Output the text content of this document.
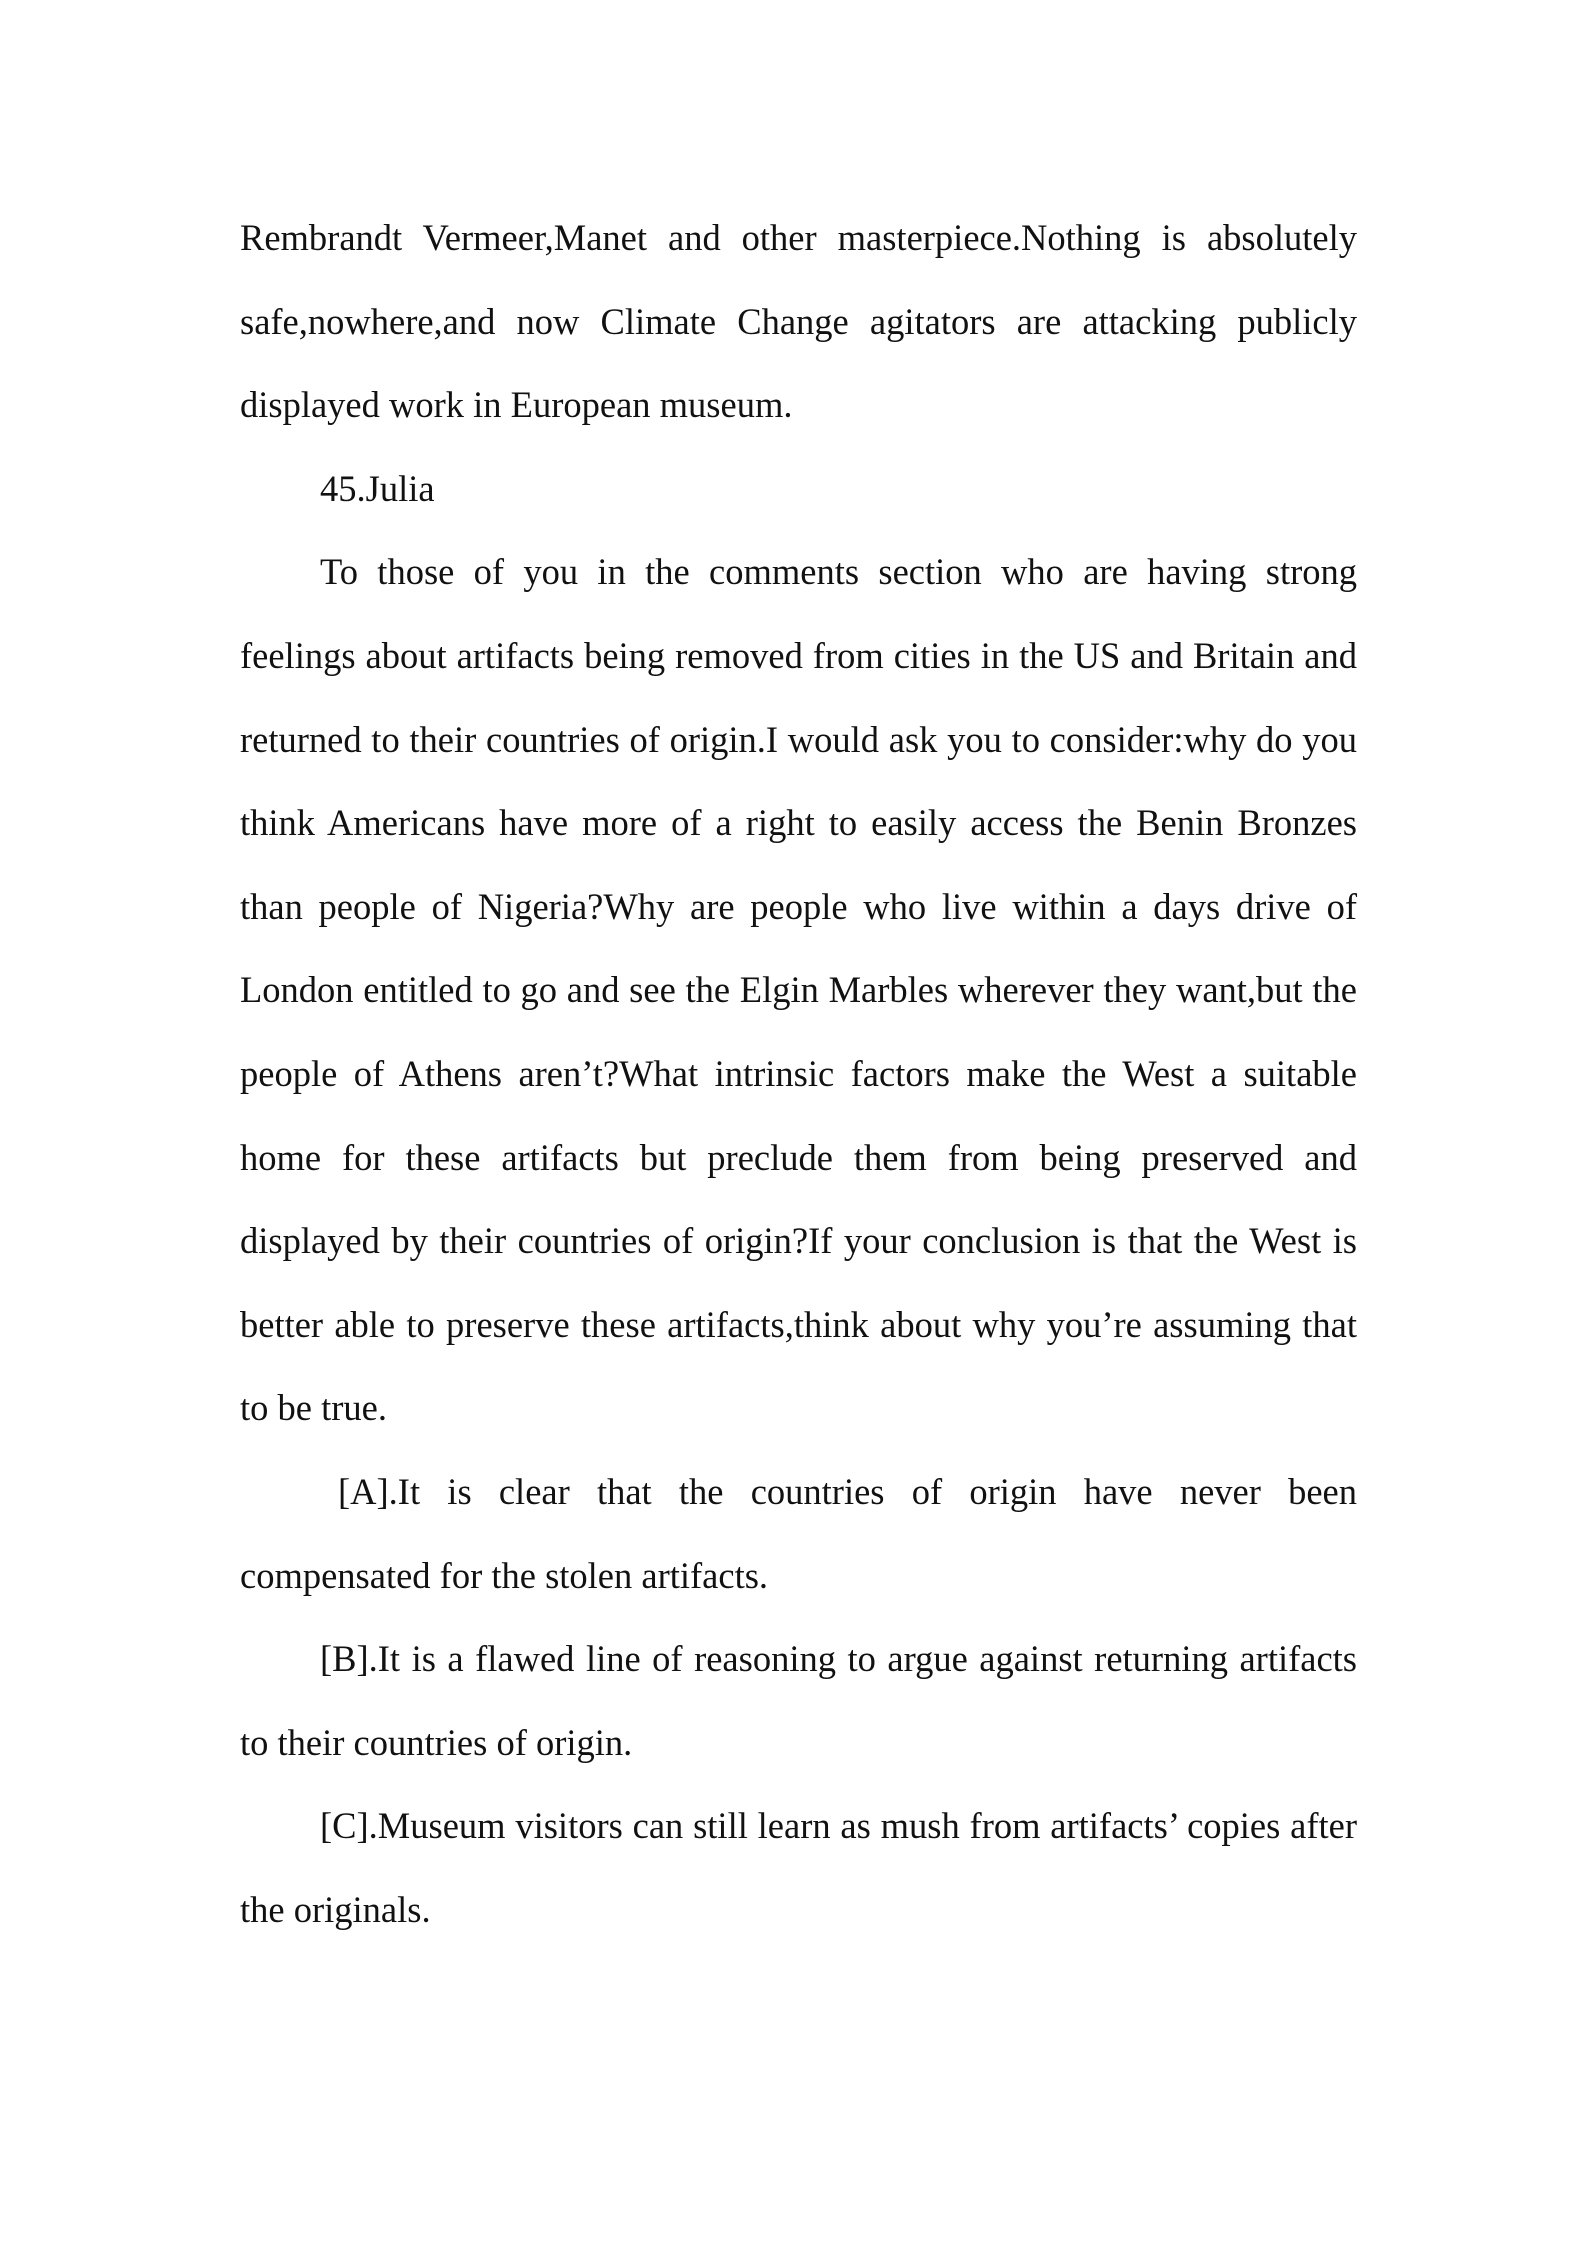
Rembrandt Vermeer,Manet and other masterpiece.Nothing is absolutely safe,nowhere,and now Climate Change agitators are attacking publicly displayed work in European museum.

45.Julia

To those of you in the comments section who are having strong feelings about artifacts being removed from cities in the US and Britain and returned to their countries of origin.I would ask you to consider:why do you think Americans have more of a right to easily access the Benin Bronzes than people of Nigeria?Why are people who live within a days drive of London entitled to go and see the Elgin Marbles wherever they want,but the people of Athens aren’t?What intrinsic factors make the West a suitable home for these artifacts but preclude them from being preserved and displayed by their countries of origin?If your conclusion is that the West is better able to preserve these artifacts,think about why you’re assuming that to be true.

[A].It is clear that the countries of origin have never been compensated for the stolen artifacts.

[B].It is a flawed line of reasoning to argue against returning artifacts to their countries of origin.

[C].Museum visitors can still learn as mush from artifacts’ copies after the originals.
